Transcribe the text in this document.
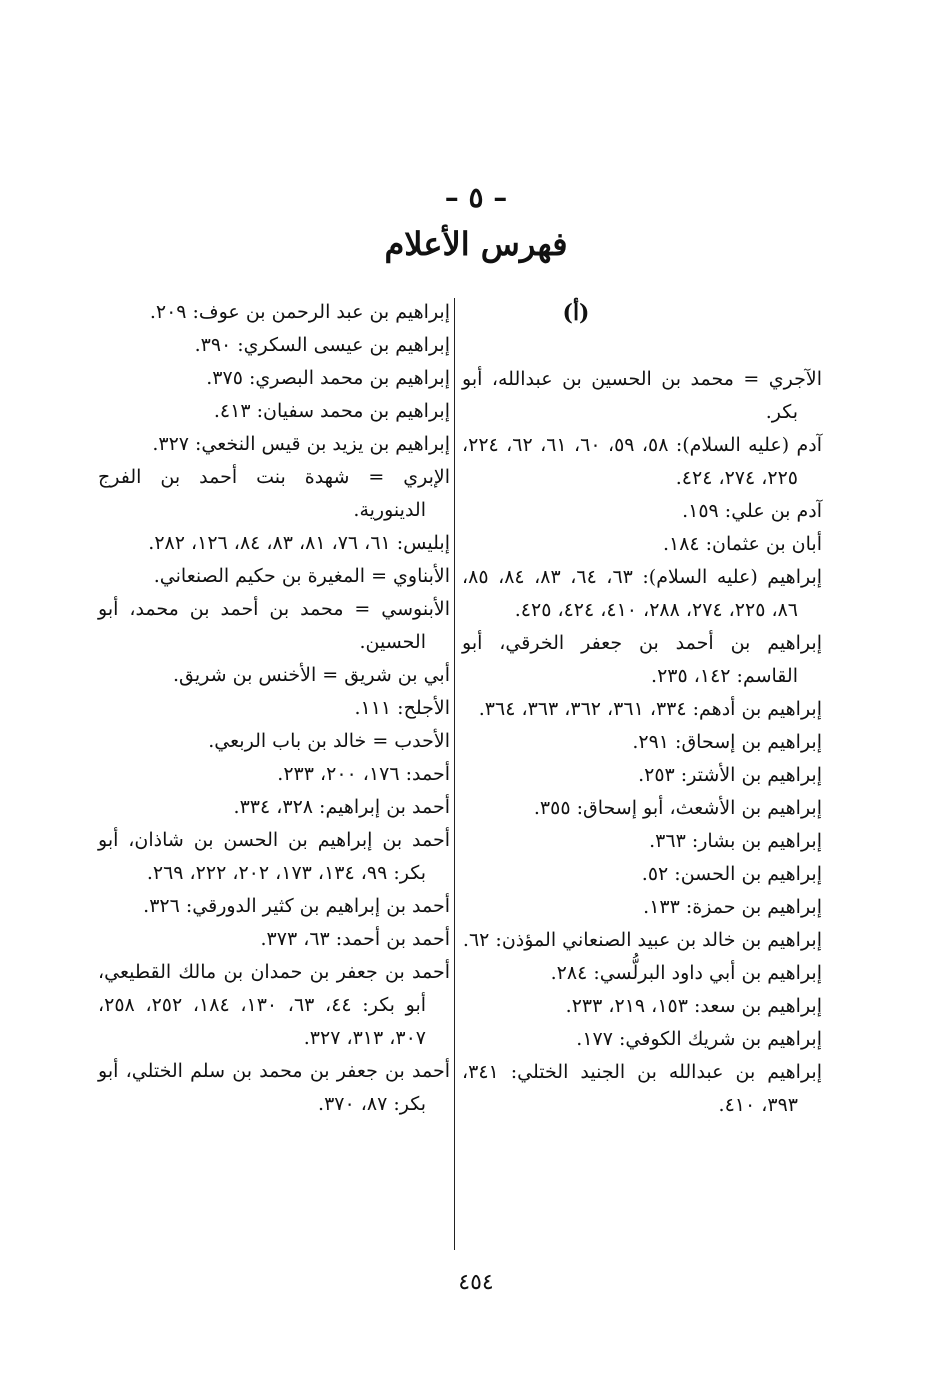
– ٥ –
فهرس الأعلام
(أ)

الآجري = محمد بن الحسين بن عبدالله، أبو بكر.

آدم (عليه السلام): ٥٨، ٥٩، ٦٠، ٦١، ٦٢، ٢٢٤، ٢٢٥، ٢٧٤، ٤٢٤.

آدم بن علي: ١٥٩.

أبان بن عثمان: ١٨٤.

إبراهيم (عليه السلام): ٦٣، ٦٤، ٨٣، ٨٤، ٨٥، ٨٦، ٢٢٥، ٢٧٤، ٢٨٨، ٤١٠، ٤٢٤، ٤٢٥.

إبراهيم بن أحمد بن جعفر الخرقي، أبو القاسم: ١٤٢، ٢٣٥.

إبراهيم بن أدهم: ٣٣٤، ٣٦١، ٣٦٢، ٣٦٣، ٣٦٤.

إبراهيم بن إسحاق: ٢٩١.

إبراهيم بن الأشتر: ٢٥٣.

إبراهيم بن الأشعث، أبو إسحاق: ٣٥٥.

إبراهيم بن بشار: ٣٦٣.

إبراهيم بن الحسن: ٥٢.

إبراهيم بن حمزة: ١٣٣.

إبراهيم بن خالد بن عبيد الصنعاني المؤذن: ٦٢.

إبراهيم بن أبي داود البرلُّسي: ٢٨٤.

إبراهيم بن سعد: ١٥٣، ٢١٩، ٢٣٣.

إبراهيم بن شريك الكوفي: ١٧٧.

إبراهيم بن عبدالله بن الجنيد الختلي: ٣٤١، ٣٩٣، ٤١٠.

إبراهيم بن عبد الرحمن بن عوف: ٢٠٩.

إبراهيم بن عيسى السكري: ٣٩٠.

إبراهيم بن محمد البصري: ٣٧٥.

إبراهيم بن محمد سفيان: ٤١٣.

إبراهيم بن يزيد بن قيس النخعي: ٣٢٧.

الإبري = شهدة بنت أحمد بن الفرج الدينورية.

إبليس: ٦١، ٧٦، ٨١، ٨٣، ٨٤، ١٢٦، ٢٨٢.

الأبناوي = المغيرة بن حكيم الصنعاني.

الأبنوسي = محمد بن أحمد بن محمد، أبو الحسين.

أبي بن شريق = الأخنس بن شريق.

الأجلح: ١١١.

الأحدب = خالد بن باب الربعي.

أحمد: ١٧٦، ٢٠٠، ٢٣٣.

أحمد بن إبراهيم: ٣٢٨، ٣٣٤.

أحمد بن إبراهيم بن الحسن بن شاذان، أبو بكر: ٩٩، ١٣٤، ١٧٣، ٢٠٢، ٢٢٢، ٢٦٩.

أحمد بن إبراهيم بن كثير الدورقي: ٣٢٦.

أحمد بن أحمد: ٦٣، ٣٧٣.

أحمد بن جعفر بن حمدان بن مالك القطيعي، أبو بكر: ٤٤، ٦٣، ١٣٠، ١٨٤، ٢٥٢، ٢٥٨، ٣٠٧، ٣١٣، ٣٢٧.

أحمد بن جعفر بن محمد بن سلم الختلي، أبو بكر: ٨٧، ٣٧٠.

٤٥٤
